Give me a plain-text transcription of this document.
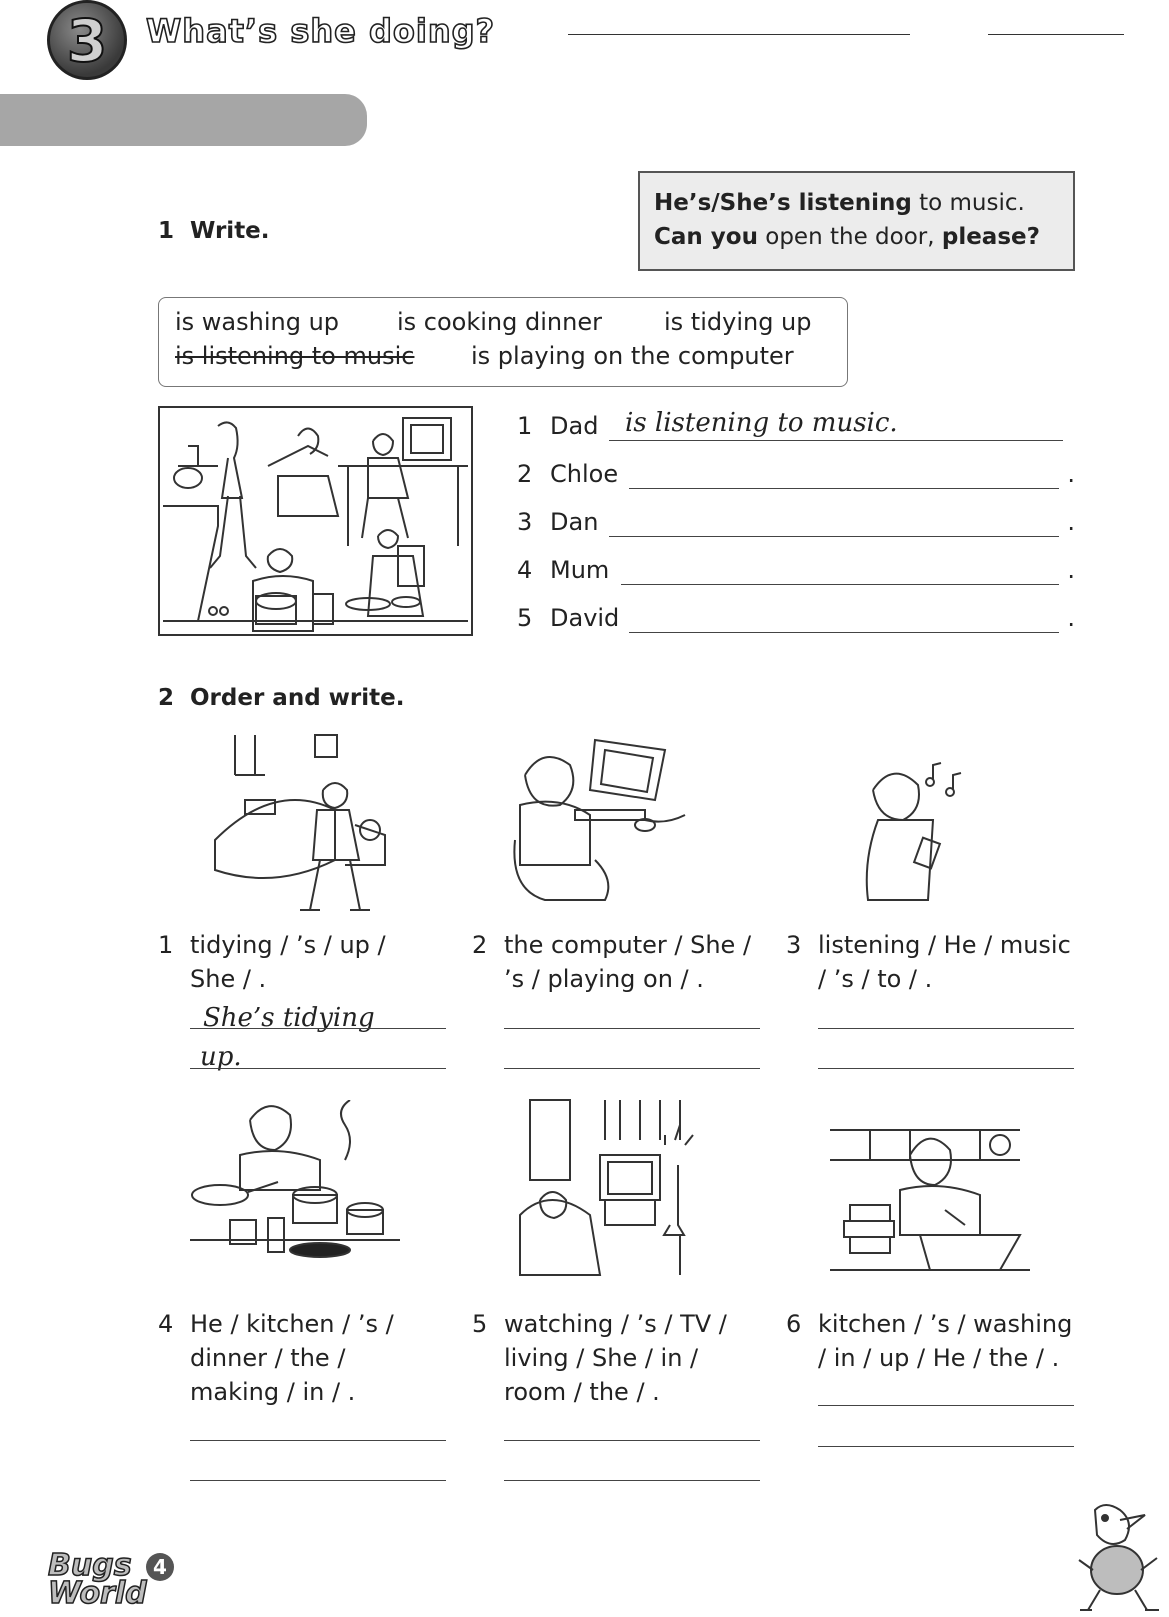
3	What’s she doing?
1 Write.
He’s/She’s listening to music.
Can you open the door, please?
is washing up is cooking dinner	is tidying up
is listening to music is playing on the computer
1 Dad is listening to music.
2 Chloe	.
3 Dan	.
4 Mum	.
5 David	.
2 Order and write.
1 tidying / ’s / up / She / .
She’s tidying
up.
2 the computer / She / ’s / playing on / .
3 listening / He / music / ’s / to / .
4 He / kitchen / ’s / dinner / the / making / in / .
5 watching / ’s / TV / living / She / in / room / the / .
6 kitchen / ’s / washing / in / up / He / the / .
Bugs
World
4
